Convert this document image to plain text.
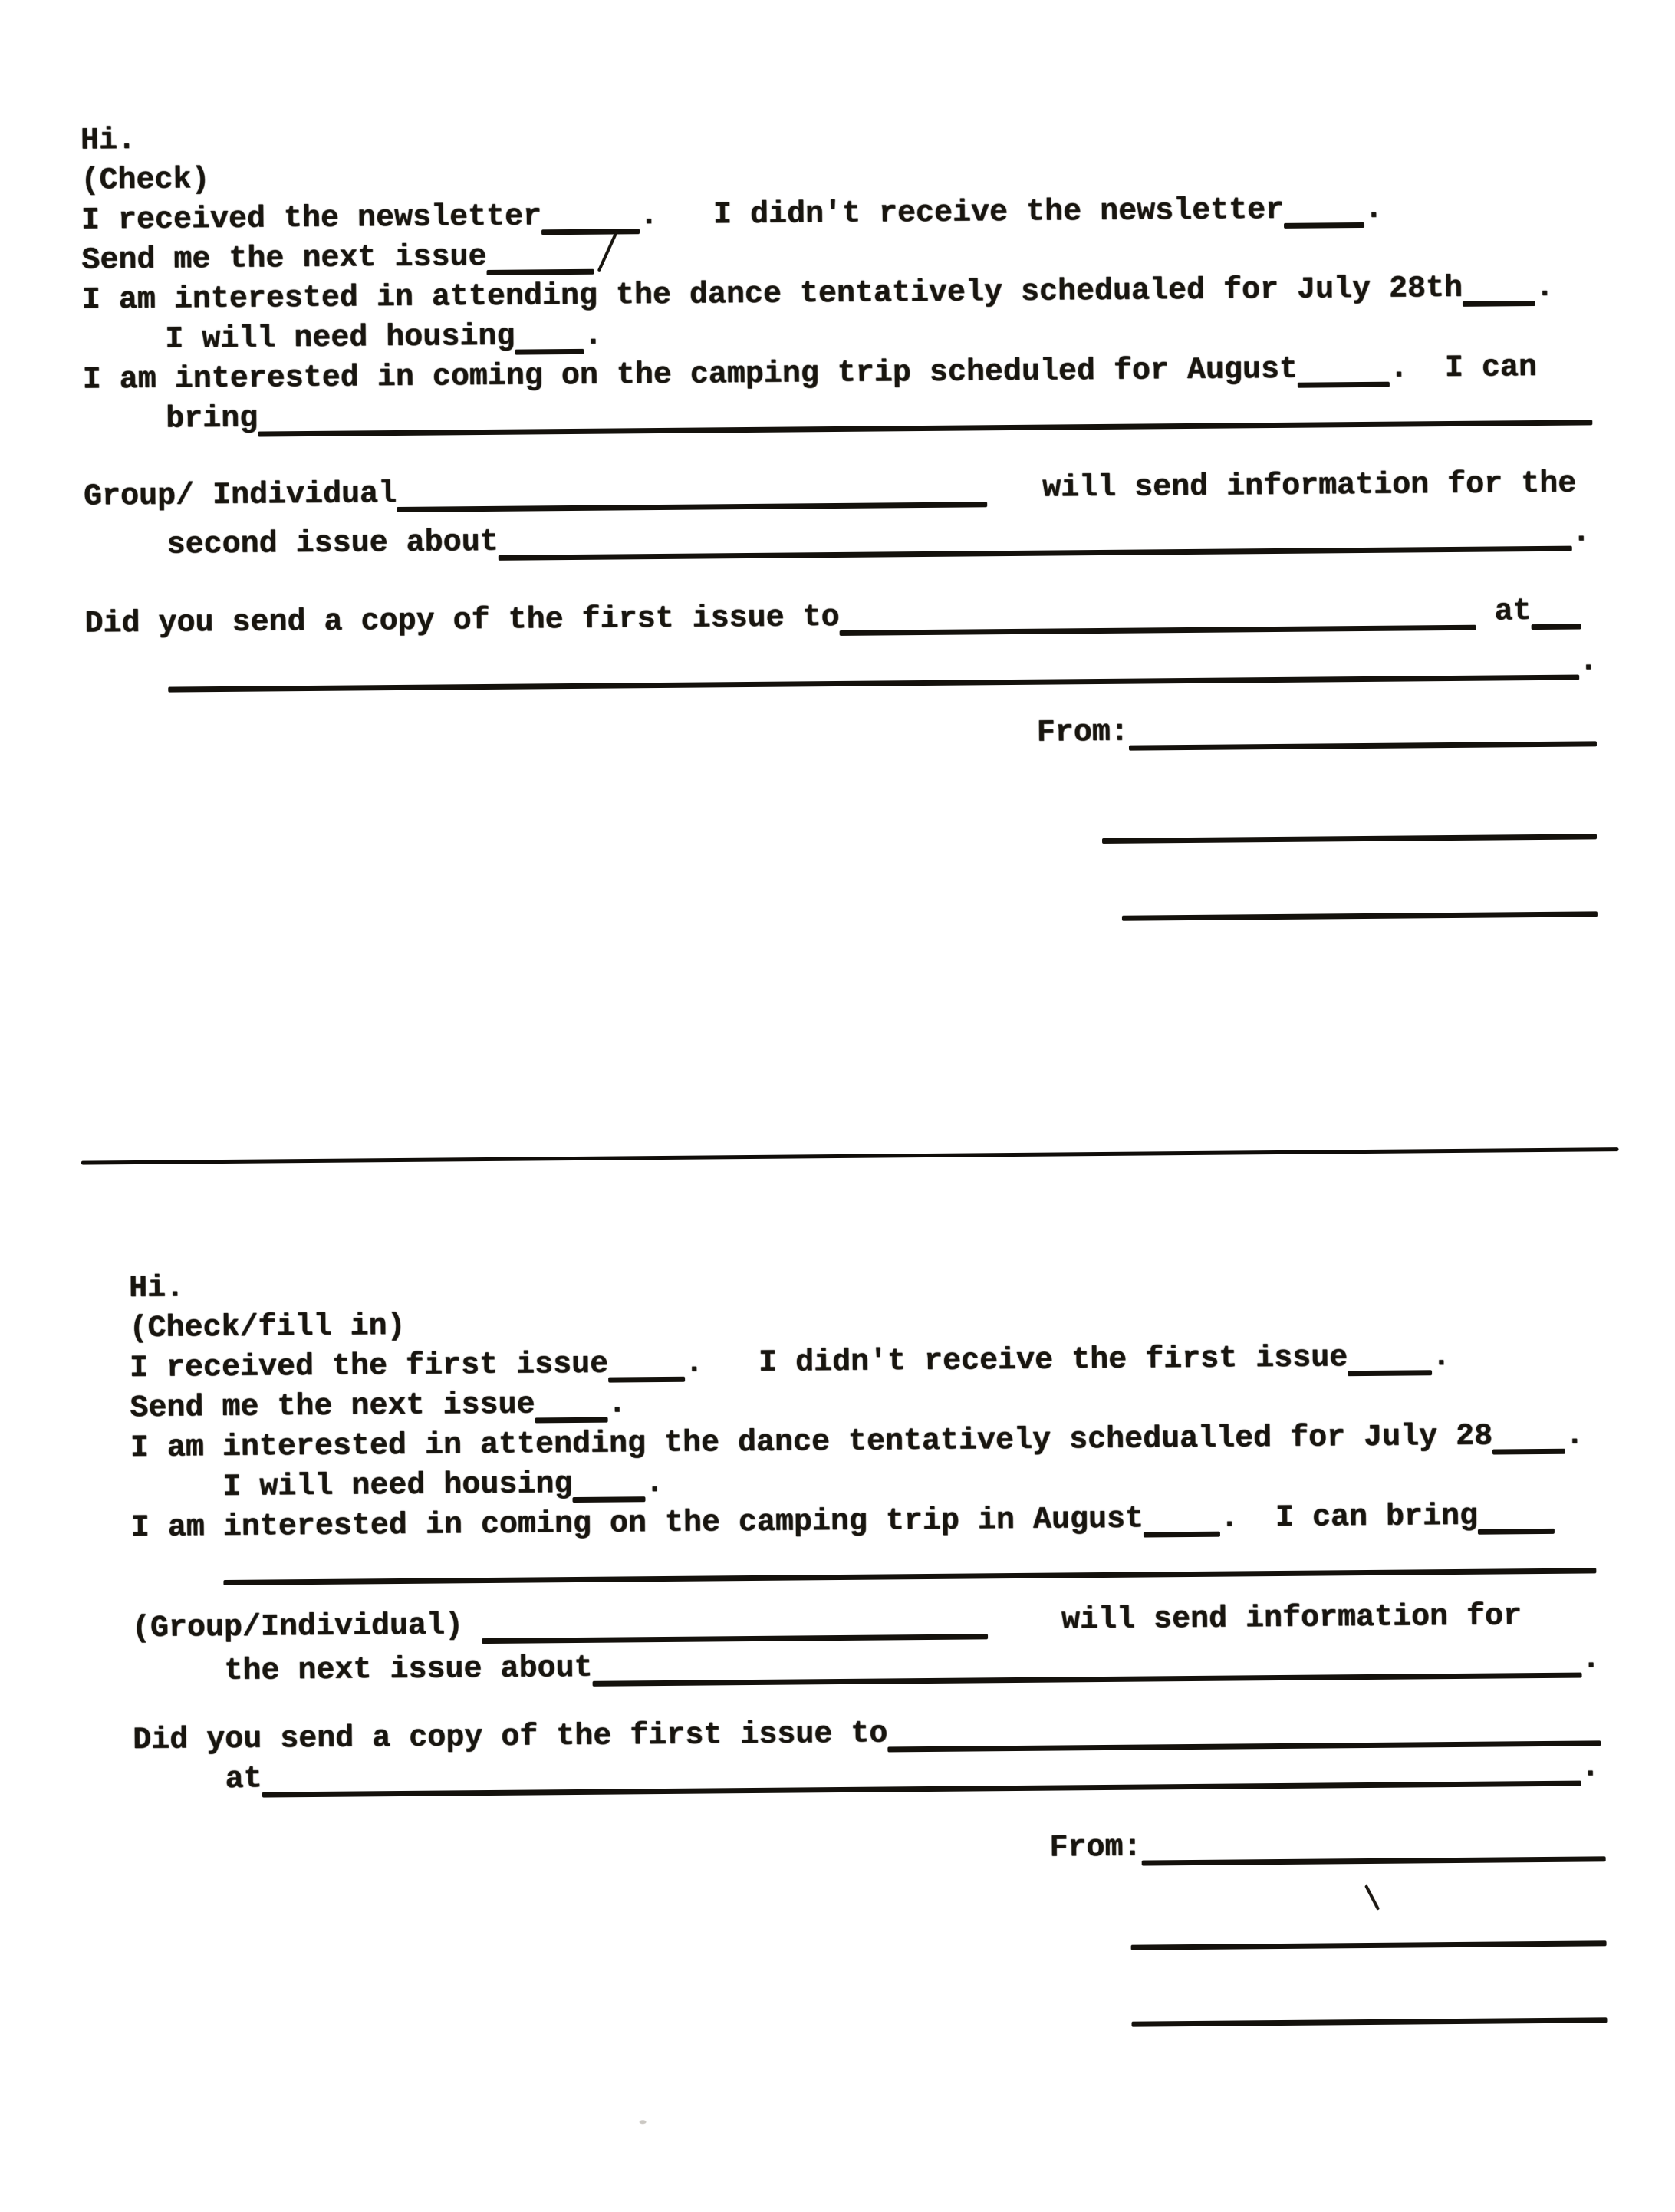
Hi.
(Check)
I received the newsletter	.   I didn't receive the newsletter	.
Send me the next issue
I am interested in attending the dance tentatively schedualed for July 28th .
I will need housing .
I am interested in coming on the camping trip scheduled for August	.  I can
bring
Group/ Individual	will send information for the
second issue about	.
Did you send a copy of the first issue to	at
.
From:
Hi.
(Check/fill in)
I received the first issue .   I didn't receive the first issue	.
Send me the next issue .
I am interested in attending the dance tentatively schedualled for July 28 .
I will need housing .
I am interested in coming on the camping trip in August .  I can bring
(Group/Individual)	will send information for
the next issue about	.
Did you send a copy of the first issue to
at	.
From:
